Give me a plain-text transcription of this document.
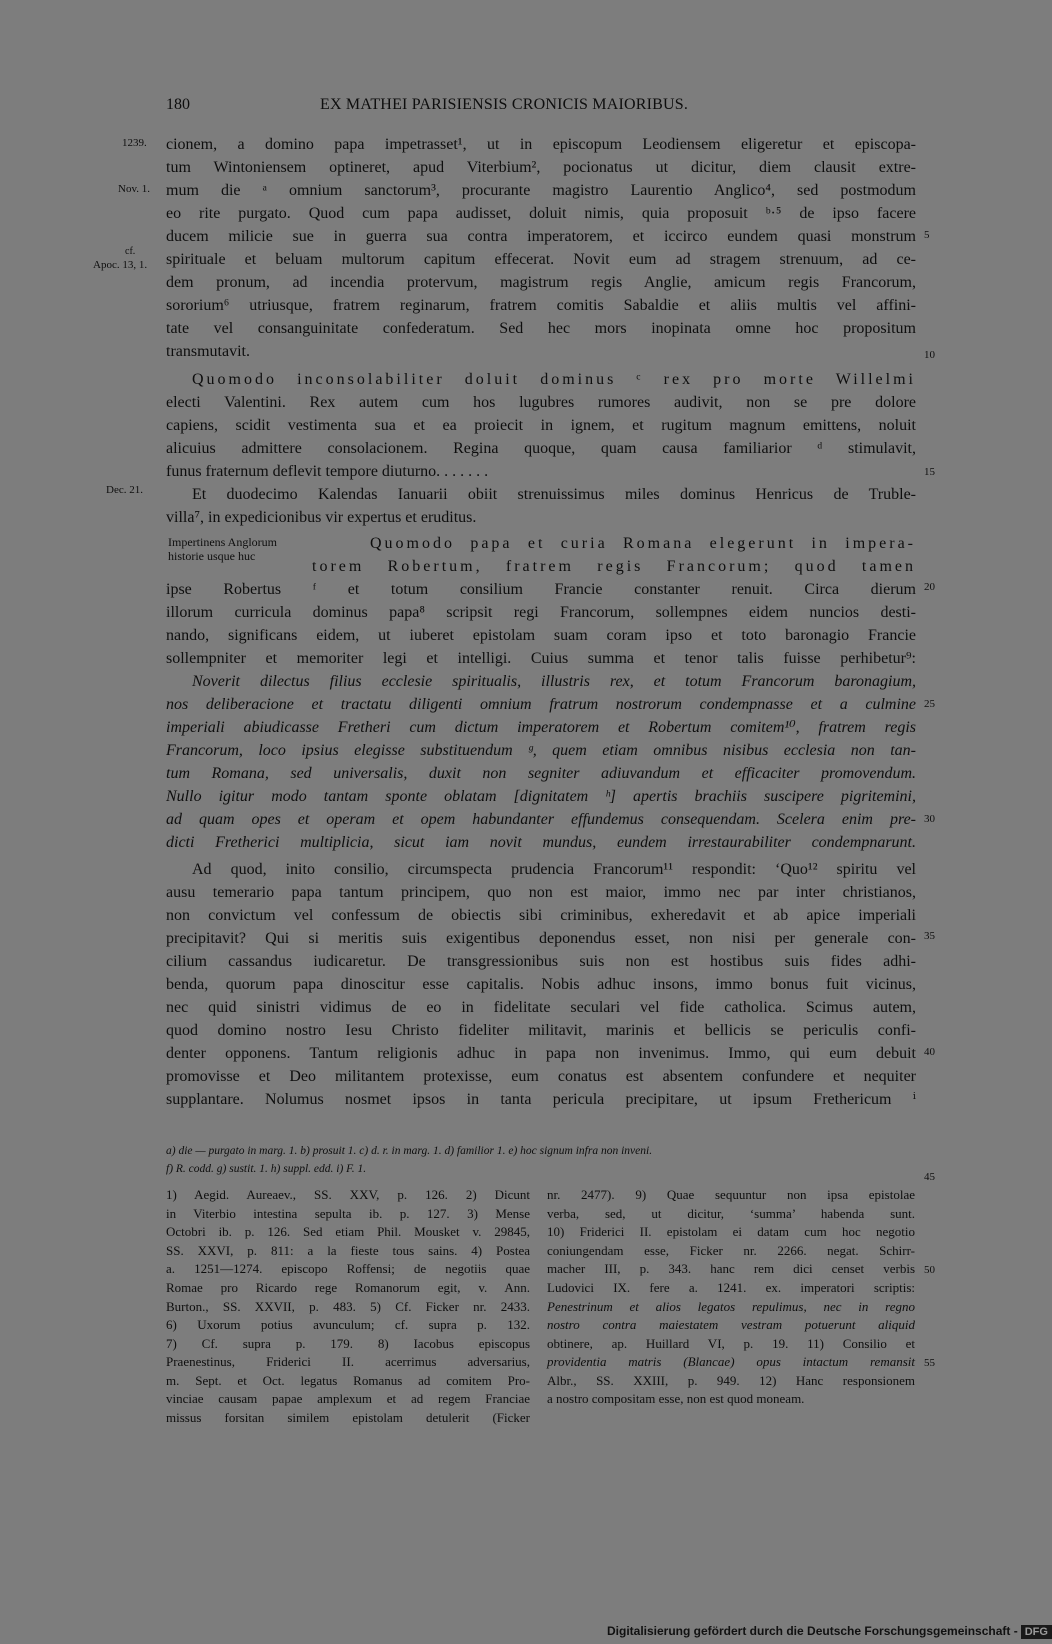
180	EX MATHEI PARISIENSIS CRONICIS MAIORIBUS.
1239.
Nov. 1.
cf.
Apoc. 13, 1.
Dec. 21.
5
10
15
20
25
30
35
40
45
50
55
cionem, a domino papa impetrasset¹, ut in episcopum Leodiensem eligeretur et episcopa-
tum Wintoniensem optineret, apud Viterbium², pocionatus ut dicitur, diem clausit extre-
mum die ᵃ omnium sanctorum³, procurante magistro Laurentio Anglico⁴, sed postmodum
eo rite purgato. Quod cum papa audisset, doluit nimis, quia proposuit ᵇ·⁵ de ipso facere
ducem milicie sue in guerra sua contra imperatorem, et iccirco eundem quasi monstrum
spirituale et beluam multorum capitum effecerat. Novit eum ad stragem strenuum, ad ce-
dem pronum, ad incendia protervum, magistrum regis Anglie, amicum regis Francorum,
sororium⁶ utriusque, fratrem reginarum, fratrem comitis Sabaldie et aliis multis vel affini-
tate vel consanguinitate confederatum. Sed hec mors inopinata omne hoc propositum
transmutavit.
Quomodo inconsolabiliter doluit dominus ᶜ rex pro morte Willelmi
electi Valentini. Rex autem cum hos lugubres rumores audivit, non se pre dolore
capiens, scidit vestimenta sua et ea proiecit in ignem, et rugitum magnum emittens, noluit
alicuius admittere consolacionem. Regina quoque, quam causa familiarior ᵈ stimulavit,
funus fraternum deflevit tempore diuturno. . . . . . .
Et duodecimo Kalendas Ianuarii obiit strenuissimus miles dominus Henricus de Truble-
villa⁷, in expedicionibus vir expertus et eruditus.
Impertinens Anglorum
historie usque huc
Quomodo papa et curia Romana elegerunt in impera-
torem Robertum, fratrem regis Francorum; quod tamen
ipse Robertus ᶠ et totum consilium Francie constanter renuit. Circa dierum
illorum curricula dominus papa⁸ scripsit regi Francorum, sollempnes eidem nuncios desti-
nando, significans eidem, ut iuberet epistolam suam coram ipso et toto baronagio Francie
sollempniter et memoriter legi et intelligi. Cuius summa et tenor talis fuisse perhibetur⁹:
Noverit dilectus filius ecclesie spiritualis, illustris rex, et totum Francorum baronagium,
nos deliberacione et tractatu diligenti omnium fratrum nostrorum condempnasse et a culmine
imperiali abiudicasse Fretheri cum dictum imperatorem et Robertum comitem¹⁰, fratrem regis
Francorum, loco ipsius elegisse substituendum ᵍ, quem etiam omnibus nisibus ecclesia non tan-
tum Romana, sed universalis, duxit non segniter adiuvandum et efficaciter promovendum.
Nullo igitur modo tantam sponte oblatam [dignitatem ʰ] apertis brachiis suscipere pigritemini,
ad quam opes et operam et opem habundanter effundemus consequendam. Scelera enim pre-
dicti Fretherici multiplicia, sicut iam novit mundus, eundem irrestaurabiliter condempnarunt.
Ad quod, inito consilio, circumspecta prudencia Francorum¹¹ respondit: ‘Quo¹² spiritu vel
ausu temerario papa tantum principem, quo non est maior, immo nec par inter christianos,
non convictum vel confessum de obiectis sibi criminibus, exheredavit et ab apice imperiali
precipitavit? Qui si meritis suis exigentibus deponendus esset, non nisi per generale con-
cilium cassandus iudicaretur. De transgressionibus suis non est hostibus suis fides adhi-
benda, quorum papa dinoscitur esse capitalis. Nobis adhuc insons, immo bonus fuit vicinus,
nec quid sinistri vidimus de eo in fidelitate seculari vel fide catholica. Scimus autem,
quod domino nostro Iesu Christo fideliter militavit, marinis et bellicis se periculis confi-
denter opponens. Tantum religionis adhuc in papa non invenimus. Immo, qui eum debuit
promovisse et Deo militantem protexisse, eum conatus est absentem confundere et nequiter
supplantare. Nolumus nosmet ipsos in tanta pericula precipitare, ut ipsum Frethericum ⁱ
a) die — purgato in marg. 1. b) prosuit 1. c) d. r. in marg. 1. d) familior 1. e) hoc signum infra non inveni.
f) R. codd. g) sustit. 1. h) suppl. edd. i) F. 1.
1) Aegid. Aureaev., SS. XXV, p. 126. 2) Dicunt
in Viterbio intestina sepulta ib. p. 127. 3) Mense
Octobri ib. p. 126. Sed etiam Phil. Mousket v. 29845,
SS. XXVI, p. 811: a la fieste tous sains. 4) Postea
a. 1251—1274. episcopo Roffensi; de negotiis quae
Romae pro Ricardo rege Romanorum egit, v. Ann.
Burton., SS. XXVII, p. 483. 5) Cf. Ficker nr. 2433.
6) Uxorum potius avunculum; cf. supra p. 132.
7) Cf. supra p. 179. 8) Iacobus episcopus
Praenestinus, Friderici II. acerrimus adversarius,
m. Sept. et Oct. legatus Romanus ad comitem Pro-
vinciae causam papae amplexum et ad regem Franciae
missus forsitan similem epistolam detulerit (Ficker
nr. 2477). 9) Quae sequuntur non ipsa epistolae
verba, sed, ut dicitur, ‘summa’ habenda sunt.
10) Friderici II. epistolam ei datam cum hoc negotio
coniungendam esse, Ficker nr. 2266. negat. Schirr-
macher III, p. 343. hanc rem dici censet verbis
Ludovici IX. fere a. 1241. ex. imperatori scriptis:
Penestrinum et alios legatos repulimus, nec in regno
nostro contra maiestatem vestram potuerunt aliquid
obtinere, ap. Huillard VI, p. 19. 11) Consilio et
providentia matris (Blancae) opus intactum remansit
Albr., SS. XXIII, p. 949. 12) Hanc responsionem
a nostro compositam esse, non est quod moneam.
Digitalisierung gefördert durch die Deutsche Forschungsgemeinschaft - DFG
